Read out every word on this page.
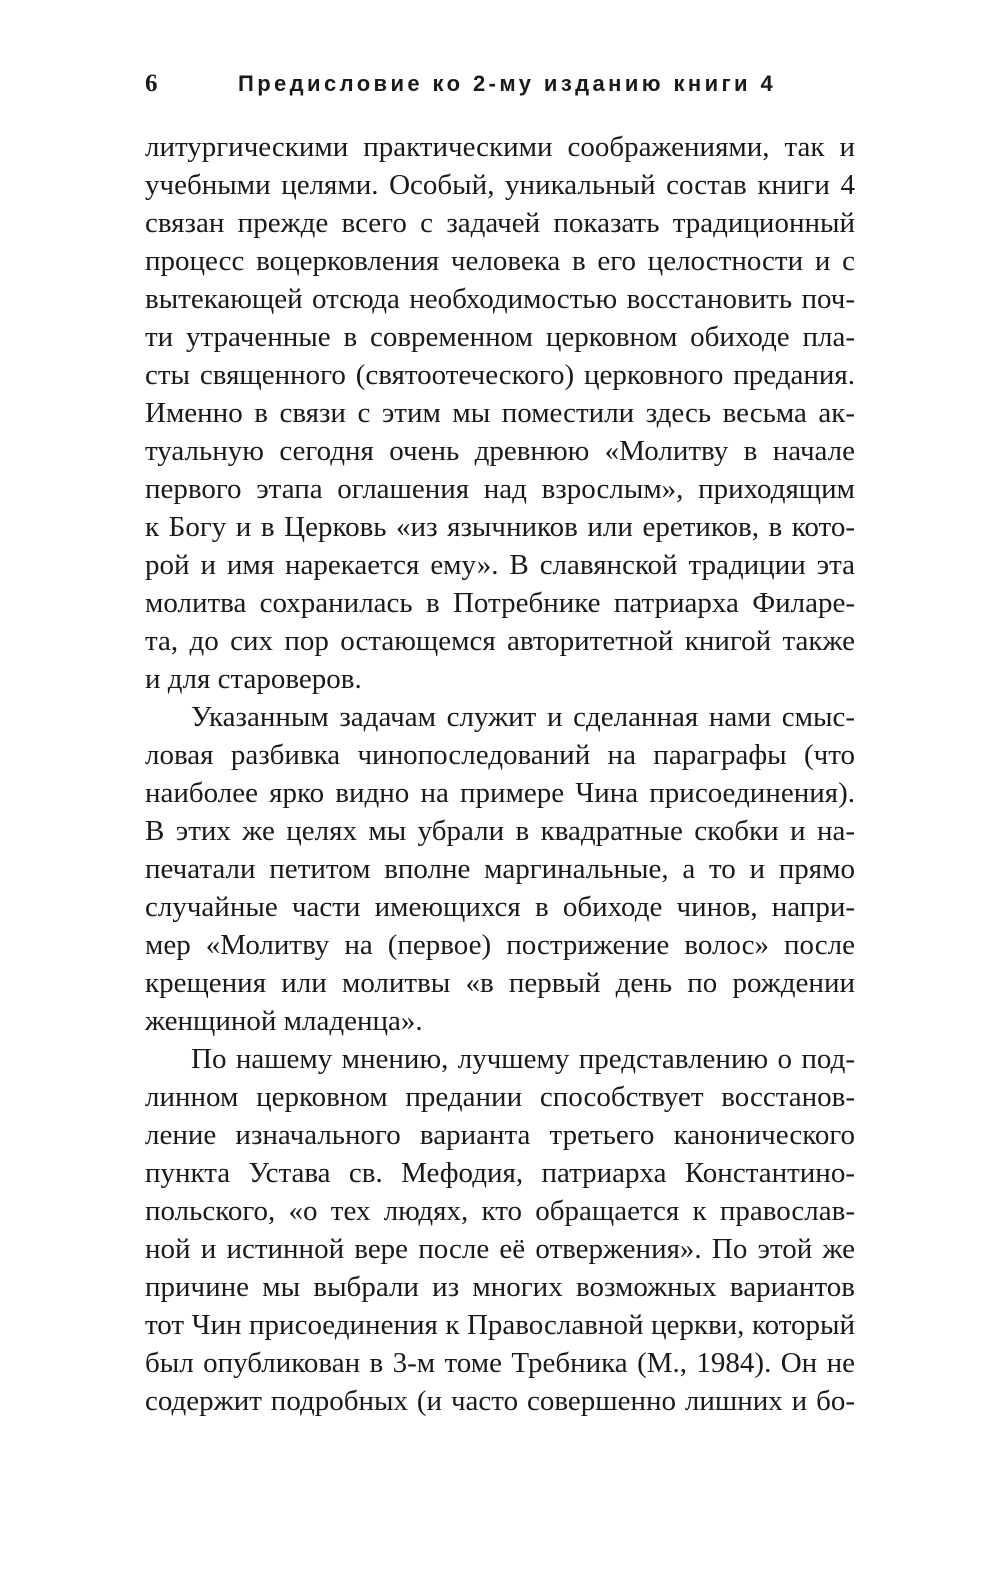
6	Предисловие ко 2-му изданию книги 4

литургическими практическими соображениями, так и
учебными целями. Особый, уникальный состав книги 4
связан прежде всего с задачей показать традиционный
процесс воцерковления человека в его целостности и с
вытекающей отсюда необходимостью восстановить поч-
ти утраченные в современном церковном обиходе пла-
сты священного (святоотеческого) церковного предания.
Именно в связи с этим мы поместили здесь весьма ак-
туальную сегодня очень древнюю «Молитву в начале
первого этапа оглашения над взрослым», приходящим
к Богу и в Церковь «из язычников или еретиков, в кото-
рой и имя нарекается ему». В славянской традиции эта
молитва сохранилась в Потребнике патриарха Филаре-
та, до сих пор остающемся авторитетной книгой также
и для староверов.

Указанным задачам служит и сделанная нами смыс-
ловая разбивка чинопоследований на параграфы (что
наиболее ярко видно на примере Чина присоединения).
В этих же целях мы убрали в квадратные скобки и на-
печатали петитом вполне маргинальные, а то и прямо
случайные части имеющихся в обиходе чинов, напри-
мер «Молитву на (первое) пострижение волос» после
крещения или молитвы «в первый день по рождении
женщиной младенца».

По нашему мнению, лучшему представлению о под-
линном церковном предании способствует восстанов-
ление изначального варианта третьего канонического
пункта Устава св. Мефодия, патриарха Константино-
польского, «о тех людях, кто обращается к православ-
ной и истинной вере после её отвержения». По этой же
причине мы выбрали из многих возможных вариантов
тот Чин присоединения к Православной церкви, который
был опубликован в 3-м томе Требника (М., 1984). Он не
содержит подробных (и часто совершенно лишних и бо-
